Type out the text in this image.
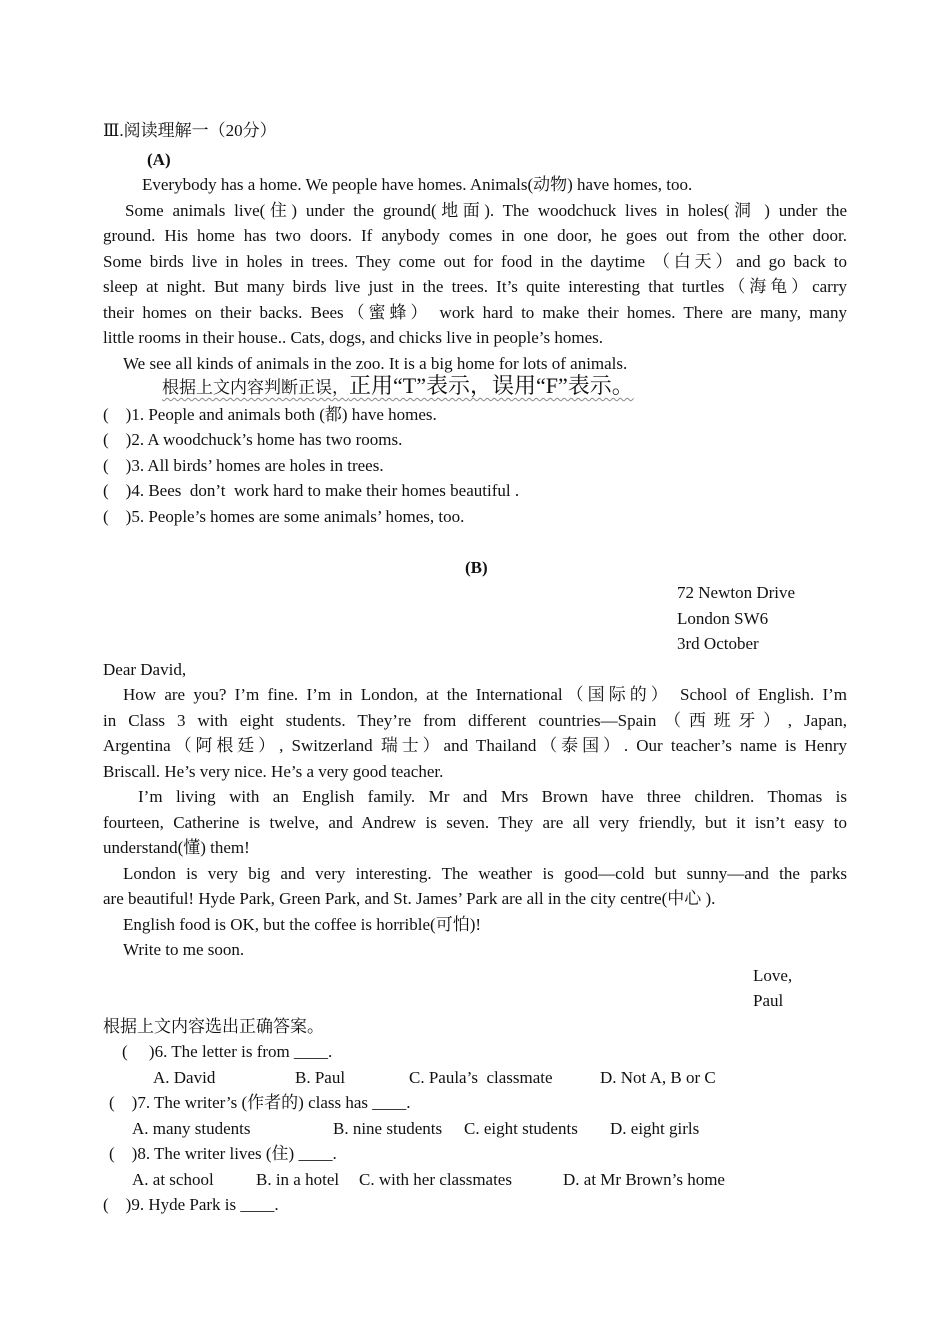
Ⅲ.阅读理解一（20分）
(A)
Everybody has a home. We people have homes. Animals(动物) have homes, too.
Some animals live(住) under the ground(地面). The woodchuck lives in holes(洞 ) under the
ground. His home has two doors. If anybody comes in one door, he goes out from the other door.
Some birds live in holes in trees. They come out for food in the daytime （白天）and go back to
sleep at night. But many birds live just in the trees. It’s quite interesting that turtles（海龟）carry
their homes on their backs. Bees（蜜蜂） work hard to make their homes. There are many, many
little rooms in their house.. Cats, dogs, and chicks live in people’s homes.
We see all kinds of animals in the zoo. It is a big home for lots of animals.
根据上文内容判断正误，正用“T”表示，误用“F”表示。
(    )1. People and animals both (都) have homes.
(    )2. A woodchuck’s home has two rooms.
(    )3. All birds’ homes are holes in trees.
(    )4. Bees  don’t  work hard to make their homes beautiful .
(    )5. People’s homes are some animals’ homes, too.
(B)
72 Newton Drive
London SW6
3rd October
Dear David,
How are you? I’m fine. I’m in London, at the International（国际的） School of English. I’m
in Class 3 with eight students. They’re from different countries—Spain（西班牙）, Japan,
Argentina（阿根廷）, Switzerland 瑞士）and Thailand（泰国）. Our teacher’s name is Henry
Briscall. He’s very nice. He’s a very good teacher.
I’m living with an English family. Mr and Mrs Brown have three children. Thomas is
fourteen, Catherine is twelve, and Andrew is seven. They are all very friendly, but it isn’t easy to
understand(懂) them!
London is very big and very interesting. The weather is good—cold but sunny—and the parks
are beautiful! Hyde Park, Green Park, and St. James’ Park are all in the city centre(中心 ).
English food is OK, but the coffee is horrible(可怕)!
Write to me soon.
Love,
Paul
根据上文内容选出正确答案。
(     )6. The letter is from ____.
A. David	B. Paul	C. Paula’s  classmate	D. Not A, B or C
(    )7. The writer’s (作者的) class has ____.
A. many students	B. nine students C. eight students D. eight girls
(    )8. The writer lives (住) ____.
A. at school B. in a hotel C. with her classmates	D. at Mr Brown’s home
(    )9. Hyde Park is ____.
